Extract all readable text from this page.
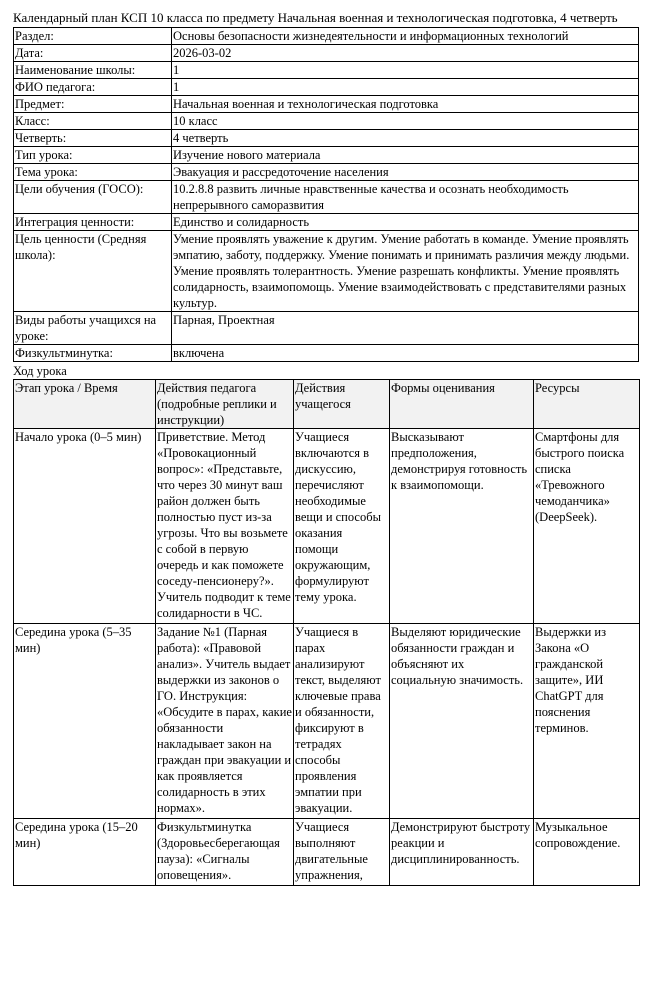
Календарный план КСП 10 класса по предмету Начальная военная и технологическая подготовка, 4 четверть
Раздел:	Основы безопасности жизнедеятельности и информационных технологий
Дата:	2026-03-02
Наименование школы:	1
ФИО педагога:	1
Предмет:	Начальная военная и технологическая подготовка
Класс:	10 класс
Четверть:	4 четверть
Тип урока:	Изучение нового материала
Тема урока:	Эвакуация и рассредоточение населения
Цели обучения (ГОСО):	10.2.8.8 развить личные нравственные качества и осознать необходимость непрерывного саморазвития
Интеграция ценности:	Единство и солидарность
Цель ценности (Средняя школа):	Умение проявлять уважение к другим. Умение работать в команде. Умение проявлять эмпатию, заботу, поддержку. Умение понимать и принимать различия между людьми. Умение проявлять толерантность. Умение разрешать конфликты. Умение проявлять солидарность, взаимопомощь. Умение взаимодействовать с представителями разных культур.
Виды работы учащихся на уроке:	Парная, Проектная
Физкультминутка:	включена
Ход урока
Этап урока / Время	Действия педагога (подробные реплики и инструкции)	Действия учащегося	Формы оценивания	Ресурсы
Начало урока (0–5 мин)	Приветствие. Метод «Провокационный вопрос»: «Представьте, что через 30 минут ваш район должен быть полностью пуст из-за угрозы. Что вы возьмете с собой в первую очередь и как поможете соседу-пенсионеру?». Учитель подводит к теме солидарности в ЧС.	Учащиеся включаются в дискуссию, перечисляют необходимые вещи и способы оказания помощи окружающим, формулируют тему урока.	Высказывают предположения, демонстрируя готовность к взаимопомощи.	Смартфоны для быстрого поиска списка «Тревожного чемоданчика» (DeepSeek).
Середина урока (5–35 мин)	Задание №1 (Парная работа): «Правовой анализ». Учитель выдает выдержки из законов о ГО. Инструкция: «Обсудите в парах, какие обязанности накладывает закон на граждан при эвакуации и как проявляется солидарность в этих нормах».	Учащиеся в парах анализируют текст, выделяют ключевые права и обязанности, фиксируют в тетрадях способы проявления эмпатии при эвакуации.	Выделяют юридические обязанности граждан и объясняют их социальную значимость.	Выдержки из Закона «О гражданской защите», ИИ ChatGPT для пояснения терминов.
Середина урока (15–20 мин)	Физкультминутка (Здоровьесберегающая пауза): «Сигналы оповещения».	Учащиеся выполняют двигательные упражнения,	Демонстрируют быстроту реакции и дисциплинированность.	Музыкальное сопровождение.
